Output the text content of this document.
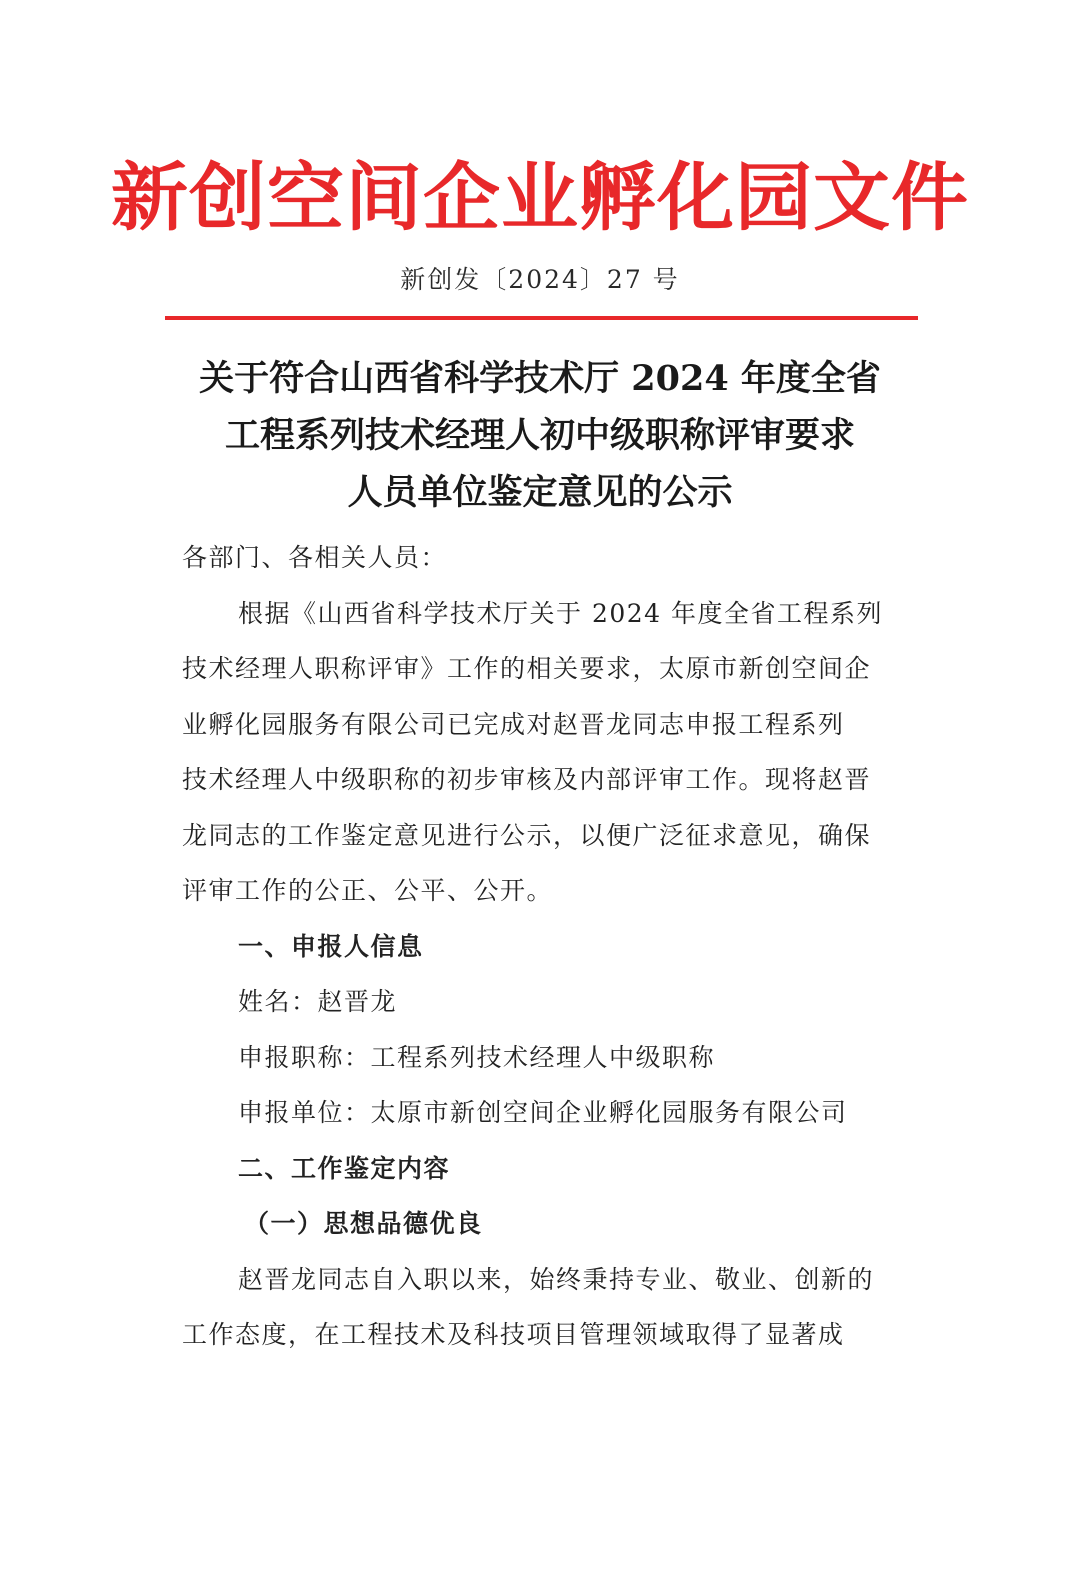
新创空间企业孵化园文件
新创发〔2024〕27 号
关于符合山西省科学技术厅 2024 年度全省
工程系列技术经理人初中级职称评审要求
人员单位鉴定意见的公示
各部门、各相关人员：
根据《山西省科学技术厅关于 2024 年度全省工程系列
技术经理人职称评审》工作的相关要求，太原市新创空间企
业孵化园服务有限公司已完成对赵晋龙同志申报工程系列
技术经理人中级职称的初步审核及内部评审工作。现将赵晋
龙同志的工作鉴定意见进行公示，以便广泛征求意见，确保
评审工作的公正、公平、公开。
一、申报人信息
姓名：赵晋龙
申报职称：工程系列技术经理人中级职称
申报单位：太原市新创空间企业孵化园服务有限公司
二、工作鉴定内容
（一）思想品德优良
赵晋龙同志自入职以来，始终秉持专业、敬业、创新的
工作态度，在工程技术及科技项目管理领域取得了显著成
